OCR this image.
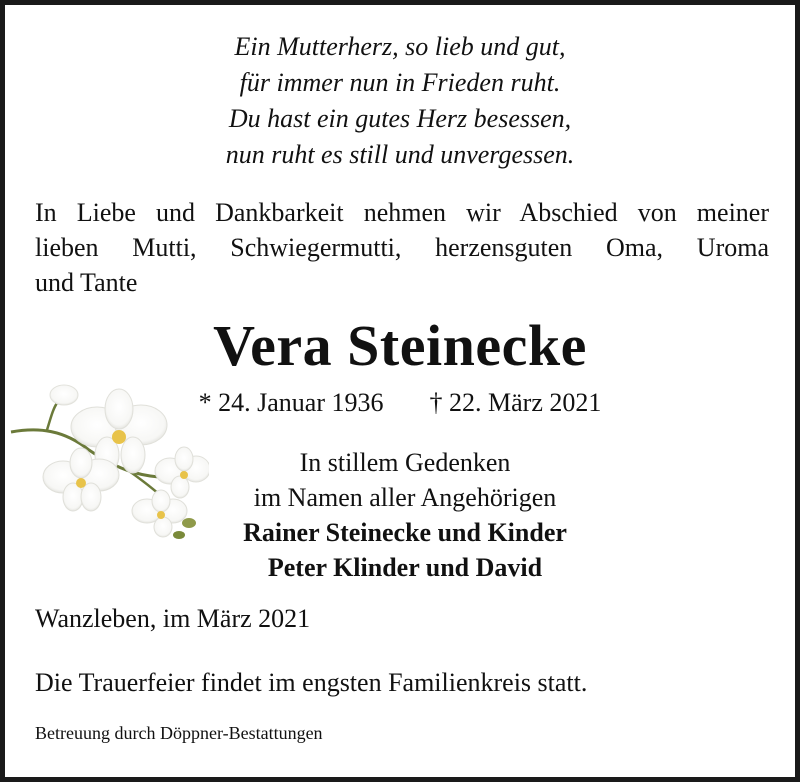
Ein Mutterherz, so lieb und gut,
für immer nun in Frieden ruht.
Du hast ein gutes Herz besessen,
nun ruht es still und unvergessen.
In Liebe und Dankbarkeit nehmen wir Abschied von meiner
lieben Mutti, Schwiegermutti, herzensguten Oma, Uroma
und Tante
Vera Steinecke
* 24. Januar 1936 † 22. März 2021
In stillem Gedenken
im Namen aller Angehörigen
Rainer Steinecke und Kinder
Peter Klinder und David
Wanzleben, im März 2021
Die Trauerfeier findet im engsten Familienkreis statt.
Betreuung durch Döppner-Bestattungen
